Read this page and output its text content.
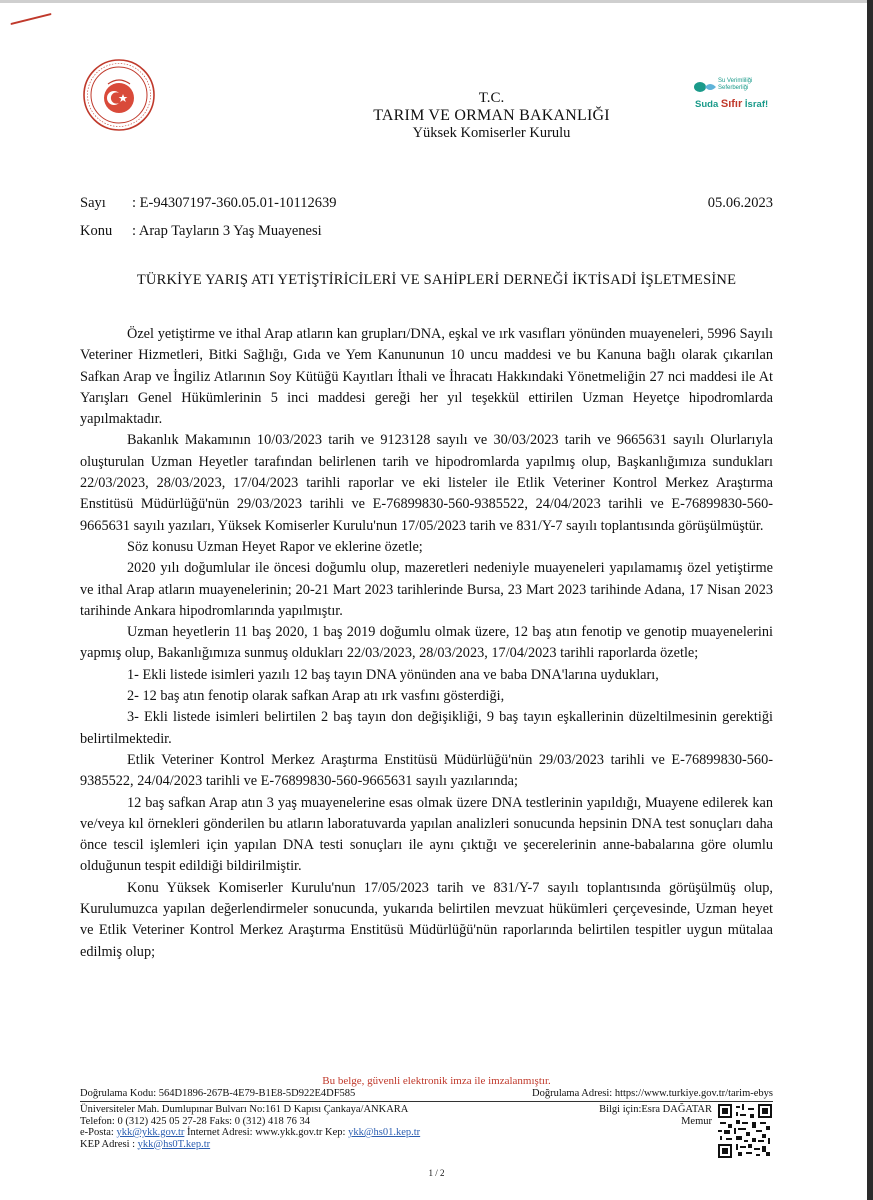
Su Verimliliği
Seferberliği
Suda Sıfır İsraf!
T.C.
TARIM VE ORMAN BAKANLIĞI
Yüksek Komiserler Kurulu
Sayı : E-94307197-360.05.01-10112639	05.06.2023
Konu : Arap Tayların 3 Yaş Muayenesi
TÜRKİYE YARIŞ ATI YETİŞTİRİCİLERİ VE SAHİPLERİ DERNEĞİ İKTİSADİ İŞLETMESİNE

Özel yetiştirme ve ithal Arap atların kan grupları/DNA, eşkal ve ırk vasıfları yönünden muayeneleri, 5996 Sayılı Veteriner Hizmetleri, Bitki Sağlığı, Gıda ve Yem Kanununun 10 uncu maddesi ve bu Kanuna bağlı olarak çıkarılan Safkan Arap ve İngiliz Atlarının Soy Kütüğü Kayıtları İthali ve İhracatı Hakkındaki Yönetmeliğin 27 nci maddesi ile At Yarışları Genel Hükümlerinin 5 inci maddesi gereği her yıl teşekkül ettirilen Uzman Heyetçe hipodromlarda yapılmaktadır.

Bakanlık Makamının 10/03/2023 tarih ve 9123128 sayılı ve 30/03/2023 tarih ve 9665631 sayılı Olurlarıyla oluşturulan Uzman Heyetler tarafından belirlenen tarih ve hipodromlarda yapılmış olup, Başkanlığımıza sundukları 22/03/2023, 28/03/2023, 17/04/2023 tarihli raporlar ve eki listeler ile Etlik Veteriner Kontrol Merkez Araştırma Enstitüsü Müdürlüğü'nün 29/03/2023 tarihli ve E-76899830-560-9385522, 24/04/2023 tarihli ve E-76899830-560-9665631 sayılı yazıları, Yüksek Komiserler Kurulu'nun 17/05/2023 tarih ve 831/Y-7 sayılı toplantısında görüşülmüştür.

Söz konusu Uzman Heyet Rapor ve eklerine özetle;

2020 yılı doğumlular ile öncesi doğumlu olup, mazeretleri nedeniyle muayeneleri yapılamamış özel yetiştirme ve ithal Arap atların muayenelerinin; 20-21 Mart 2023 tarihlerinde Bursa, 23 Mart 2023 tarihinde Adana, 17 Nisan 2023 tarihinde Ankara hipodromlarında yapılmıştır.

Uzman heyetlerin 11 baş 2020, 1 baş 2019 doğumlu olmak üzere, 12 baş atın fenotip ve genotip muayenelerini yapmış olup, Bakanlığımıza sunmuş oldukları 22/03/2023, 28/03/2023, 17/04/2023 tarihli raporlarda özetle;

1- Ekli listede isimleri yazılı 12 baş tayın DNA yönünden ana ve baba DNA'larına uydukları,

2- 12 baş atın fenotip olarak safkan Arap atı ırk vasfını gösterdiği,

3- Ekli listede isimleri belirtilen 2 baş tayın don değişikliği, 9 baş tayın eşkallerinin düzeltilmesinin gerektiği belirtilmektedir.

Etlik Veteriner Kontrol Merkez Araştırma Enstitüsü Müdürlüğü'nün 29/03/2023 tarihli ve E-76899830-560-9385522, 24/04/2023 tarihli ve E-76899830-560-9665631 sayılı yazılarında;

12 baş safkan Arap atın 3 yaş muayenelerine esas olmak üzere DNA testlerinin yapıldığı, Muayene edilerek kan ve/veya kıl örnekleri gönderilen bu atların laboratuvarda yapılan analizleri sonucunda hepsinin DNA test sonuçları daha önce tescil işlemleri için yapılan DNA testi sonuçları ile aynı çıktığı ve şecerelerinin anne-babalarına göre olumlu olduğunun tespit edildiği bildirilmiştir.

Konu Yüksek Komiserler Kurulu'nun 17/05/2023 tarih ve 831/Y-7 sayılı toplantısında görüşülmüş olup, Kurulumuzca yapılan değerlendirmeler sonucunda, yukarıda belirtilen mevzuat hükümleri çerçevesinde, Uzman heyet ve Etlik Veteriner Kontrol Merkez Araştırma Enstitüsü Müdürlüğü'nün raporlarında belirtilen tespitler uygun mütalaa edilmiş olup;

Bu belge, güvenli elektronik imza ile imzalanmıştır.
Doğrulama Kodu: 564D1896-267B-4E79-B1E8-5D922E4DF585	Doğrulama Adresi: https://www.turkiye.gov.tr/tarim-ebys
Üniversiteler Mah. Dumlupınar Bulvarı No:161 D Kapısı Çankaya/ANKARA
Telefon: 0 (312) 425 05 27-28 Faks: 0 (312) 418 76 34
e-Posta: ykk@ykk.gov.tr İnternet Adresi: www.ykk.gov.tr Kep: ykk@hs01.kep.tr
KEP Adresi : ykk@hs0T.kep.tr
Bilgi için:Esra DAĞATAR
Memur
1 / 2
